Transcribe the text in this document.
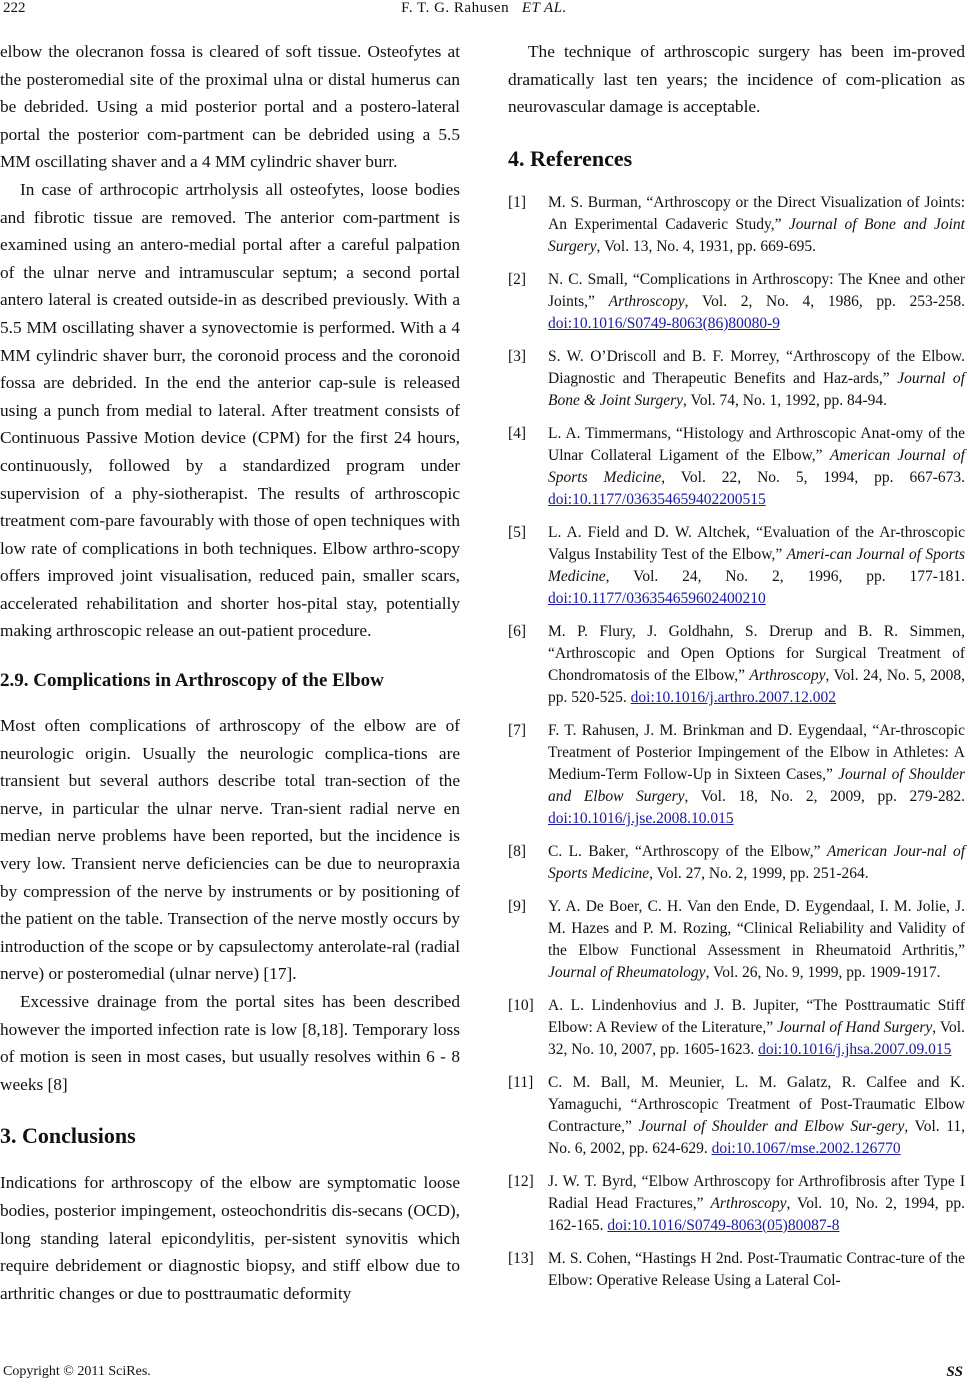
222	F. T. G. Rahusen ET AL.

elbow the olecranon fossa is cleared of soft tissue. Osteofytes at the posteromedial site of the proximal ulna or distal humerus can be debrided. Using a mid posterior portal and a postero-lateral portal the posterior com-partment can be debrided using a 5.5 MM oscillating shaver and a 4 MM cylindric shaver burr.

In case of arthrocopic artrholysis all osteofytes, loose bodies and fibrotic tissue are removed. The anterior com-partment is examined using an antero-medial portal after a careful palpation of the ulnar nerve and intramuscular septum; a second portal antero lateral is created outside-in as described previously. With a 5.5 MM oscillating shaver a synovectomie is performed. With a 4 MM cylindric shaver burr, the coronoid process and the coronoid fossa are debrided. In the end the anterior cap-sule is released using a punch from medial to lateral. After treatment consists of Continuous Passive Motion device (CPM) for the first 24 hours, continuously, followed by a standardized program under supervision of a phy-siotherapist. The results of arthroscopic treatment com-pare favourably with those of open techniques with low rate of complications in both techniques. Elbow arthro-scopy offers improved joint visualisation, reduced pain, smaller scars, accelerated rehabilitation and shorter hos-pital stay, potentially making arthroscopic release an out-patient procedure.

2.9. Complications in Arthroscopy of the Elbow

Most often complications of arthroscopy of the elbow are of neurologic origin. Usually the neurologic complica-tions are transient but several authors describe total tran-section of the nerve, in particular the ulnar nerve. Tran-sient radial nerve en median nerve problems have been reported, but the incidence is very low. Transient nerve deficiencies can be due to neuropraxia by compression of the nerve by instruments or by positioning of the patient on the table. Transection of the nerve mostly occurs by introduction of the scope or by capsulectomy anterolate-ral (radial nerve) or posteromedial (ulnar nerve) [17].

Excessive drainage from the portal sites has been described however the imported infection rate is low [8,18]. Temporary loss of motion is seen in most cases, but usually resolves within 6 - 8 weeks [8]

3. Conclusions

Indications for arthroscopy of the elbow are symptomatic loose bodies, posterior impingement, osteochondritis dis-secans (OCD), long standing lateral epicondylitis, per-sistent synovitis which require debridement or diagnostic biopsy, and stiff elbow due to arthritic changes or due to posttraumatic deformity

The technique of arthroscopic surgery has been im-proved dramatically last ten years; the incidence of com-plication as neurovascular damage is acceptable.

4. References
[1]	M. S. Burman, “Arthroscopy or the Direct Visualization of Joints: An Experimental Cadaveric Study,” Journal of Bone and Joint Surgery, Vol. 13, No. 4, 1931, pp. 669-695.
[2]	N. C. Small, “Complications in Arthroscopy: The Knee and other Joints,” Arthroscopy, Vol. 2, No. 4, 1986, pp. 253-258. doi:10.1016/S0749-8063(86)80080-9
[3]	S. W. O’Driscoll and B. F. Morrey, “Arthroscopy of the Elbow. Diagnostic and Therapeutic Benefits and Haz-ards,” Journal of Bone & Joint Surgery, Vol. 74, No. 1, 1992, pp. 84-94.
[4]	L. A. Timmermans, “Histology and Arthroscopic Anat-omy of the Ulnar Collateral Ligament of the Elbow,” American Journal of Sports Medicine, Vol. 22, No. 5, 1994, pp. 667-673. doi:10.1177/036354659402200515
[5]	L. A. Field and D. W. Altchek, “Evaluation of the Ar-throscopic Valgus Instability Test of the Elbow,” Ameri-can Journal of Sports Medicine, Vol. 24, No. 2, 1996, pp. 177-181. doi:10.1177/036354659602400210
[6]	M. P. Flury, J. Goldhahn, S. Drerup and B. R. Simmen, “Arthroscopic and Open Options for Surgical Treatment of Chondromatosis of the Elbow,” Arthroscopy, Vol. 24, No. 5, 2008, pp. 520-525. doi:10.1016/j.arthro.2007.12.002
[7]	F. T. Rahusen, J. M. Brinkman and D. Eygendaal, “Ar-throscopic Treatment of Posterior Impingement of the Elbow in Athletes: A Medium-Term Follow-Up in Sixteen Cases,” Journal of Shoulder and Elbow Surgery, Vol. 18, No. 2, 2009, pp. 279-282. doi:10.1016/j.jse.2008.10.015
[8]	C. L. Baker, “Arthroscopy of the Elbow,” American Jour-nal of Sports Medicine, Vol. 27, No. 2, 1999, pp. 251-264.
[9]	Y. A. De Boer, C. H. Van den Ende, D. Eygendaal, I. M. Jolie, J. M. Hazes and P. M. Rozing, “Clinical Reliability and Validity of the Elbow Functional Assessment in Rheumatoid Arthritis,” Journal of Rheumatology, Vol. 26, No. 9, 1999, pp. 1909-1917.
[10] A. L. Lindenhovius and J. B. Jupiter, “The Posttraumatic Stiff Elbow: A Review of the Literature,” Journal of Hand Surgery, Vol. 32, No. 10, 2007, pp. 1605-1623. doi:10.1016/j.jhsa.2007.09.015
[11] C. M. Ball, M. Meunier, L. M. Galatz, R. Calfee and K. Yamaguchi, “Arthroscopic Treatment of Post-Traumatic Elbow Contracture,” Journal of Shoulder and Elbow Sur-gery, Vol. 11, No. 6, 2002, pp. 624-629. doi:10.1067/mse.2002.126770
[12] J. W. T. Byrd, “Elbow Arthroscopy for Arthrofibrosis after Type I Radial Head Fractures,” Arthroscopy, Vol. 10, No. 2, 1994, pp. 162-165. doi:10.1016/S0749-8063(05)80087-8
[13] M. S. Cohen, “Hastings H 2nd. Post-Traumatic Contrac-ture of the Elbow: Operative Release Using a Lateral Col-
Copyright © 2011 SciRes.	SS
